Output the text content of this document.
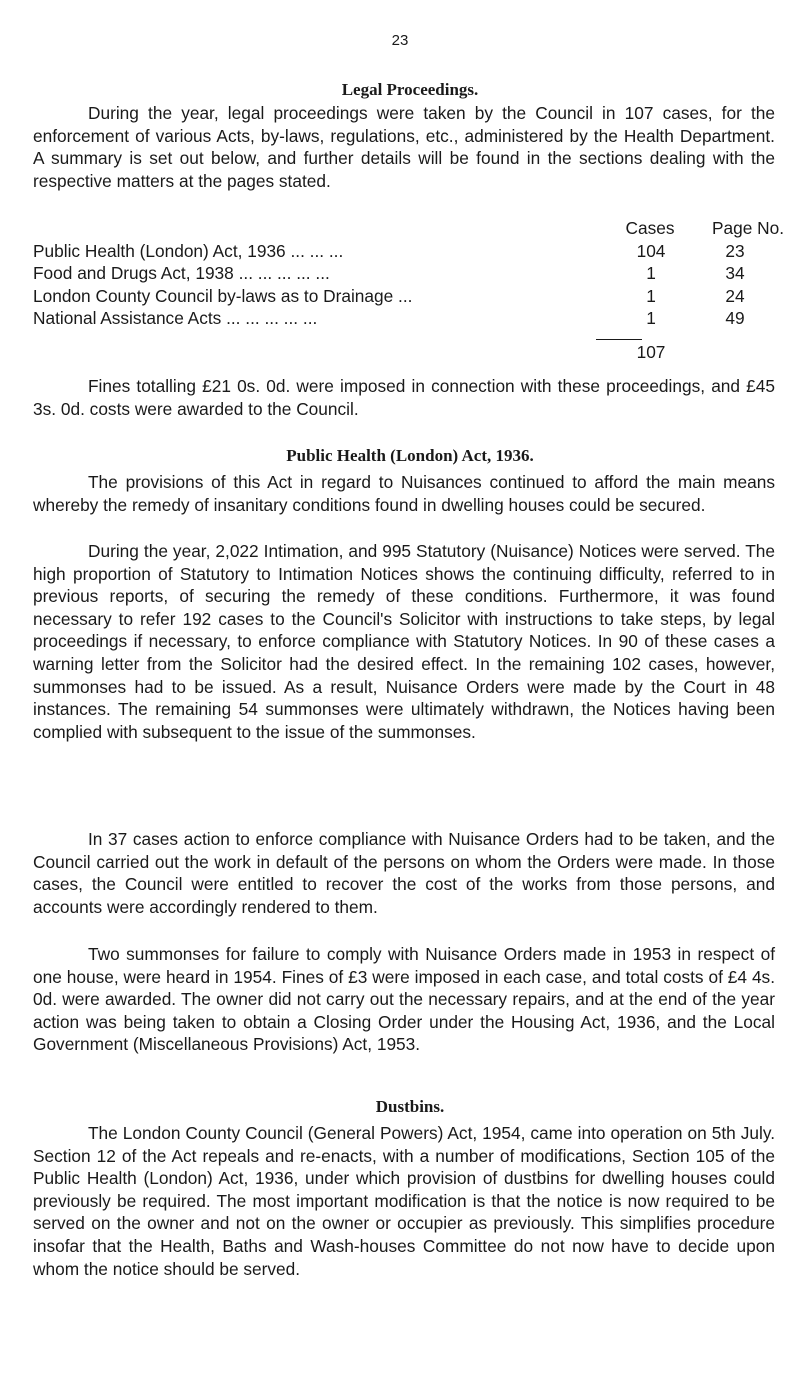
23
Legal Proceedings.

During the year, legal proceedings were taken by the Council in 107 cases, for the enforcement of various Acts, by-laws, regulations, etc., administered by the Health Department. A summary is set out below, and further details will be found in the sections dealing with the respective matters at the pages stated.

Cases	Page No.
Public Health (London) Act, 1936 ... ... ...	104	23
Food and Drugs Act, 1938 ... ... ... ... ...	1	34
London County Council by-laws as to Drainage ...	1	24
National Assistance Acts ... ... ... ... ...	1	49
107

Fines totalling £21 0s. 0d. were imposed in connection with these proceedings, and £45 3s. 0d. costs were awarded to the Council.

Public Health (London) Act, 1936.

The provisions of this Act in regard to Nuisances continued to afford the main means whereby the remedy of insanitary conditions found in dwelling houses could be secured.

During the year, 2,022 Intimation, and 995 Statutory (Nuisance) Notices were served. The high proportion of Statutory to Intimation Notices shows the continuing difficulty, referred to in previous reports, of securing the remedy of these conditions. Furthermore, it was found necessary to refer 192 cases to the Council's Solicitor with instructions to take steps, by legal proceedings if necessary, to enforce compliance with Statutory Notices. In 90 of these cases a warning letter from the Solicitor had the desired effect. In the remaining 102 cases, however, summonses had to be issued. As a result, Nuisance Orders were made by the Court in 48 instances. The remaining 54 summonses were ultimately withdrawn, the Notices having been complied with subsequent to the issue of the summonses.

In 37 cases action to enforce compliance with Nuisance Orders had to be taken, and the Council carried out the work in default of the persons on whom the Orders were made. In those cases, the Council were entitled to recover the cost of the works from those persons, and accounts were accordingly rendered to them.

Two summonses for failure to comply with Nuisance Orders made in 1953 in respect of one house, were heard in 1954. Fines of £3 were imposed in each case, and total costs of £4 4s. 0d. were awarded. The owner did not carry out the necessary repairs, and at the end of the year action was being taken to obtain a Closing Order under the Housing Act, 1936, and the Local Government (Miscellaneous Provisions) Act, 1953.

Dustbins.

The London County Council (General Powers) Act, 1954, came into operation on 5th July. Section 12 of the Act repeals and re-enacts, with a number of modifications, Section 105 of the Public Health (London) Act, 1936, under which provision of dustbins for dwelling houses could previously be required. The most important modification is that the notice is now required to be served on the owner and not on the owner or occupier as previously. This simplifies procedure insofar that the Health, Baths and Wash-houses Committee do not now have to decide upon whom the notice should be served.
